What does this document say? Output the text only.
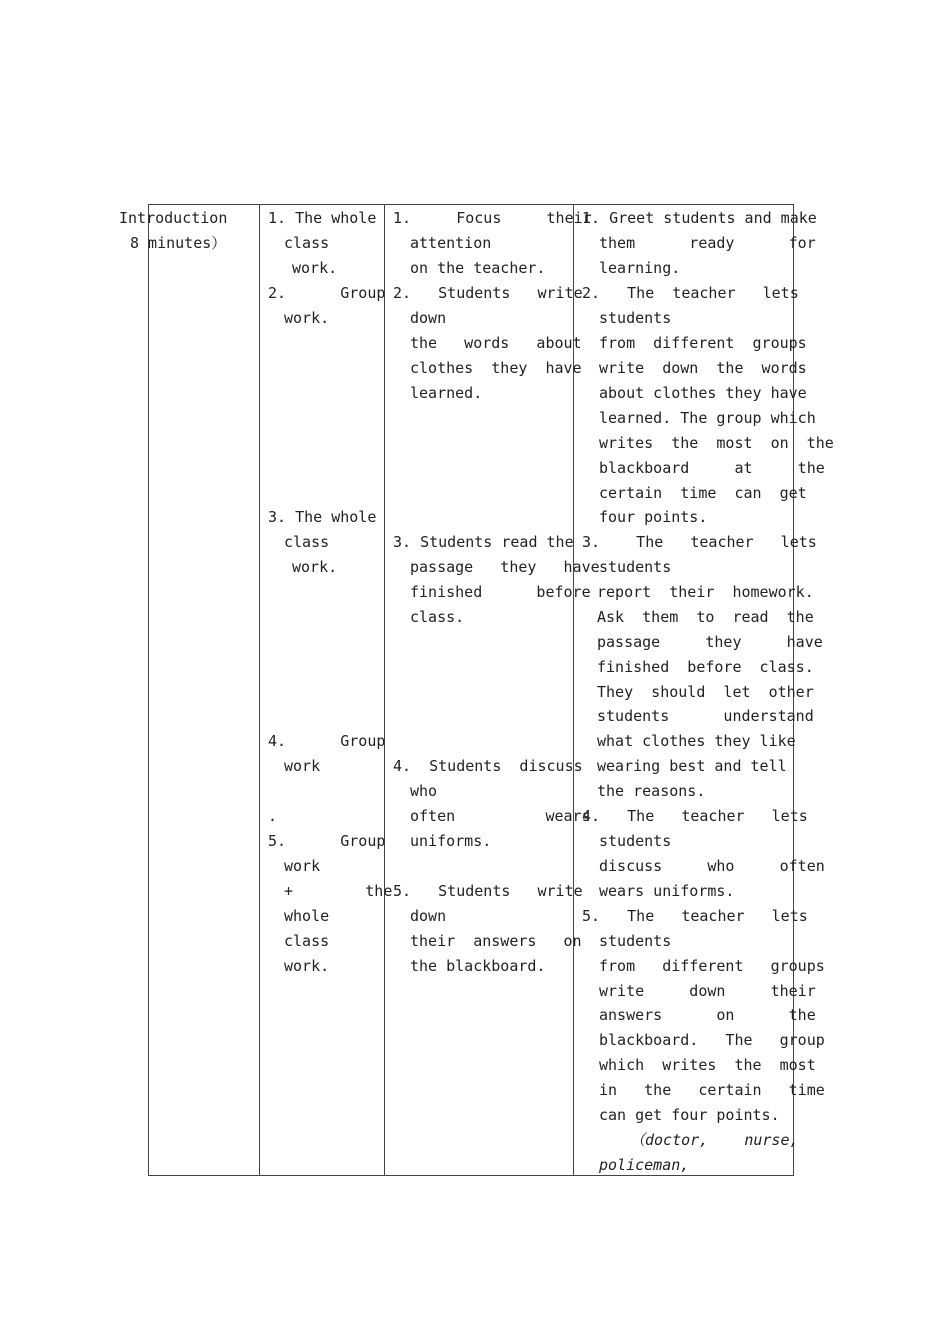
Introduction
8 minutes）
1. The whole
class
work.
2.      Group
work.
3. The whole
class
work.
4.      Group
work
.
5.      Group
work
+        the
whole
class
work.
1.     Focus     their
attention
on the teacher.
2.   Students   write
down
the   words   about
clothes  they  have
learned.
3. Students read the
passage   they   have
finished      before
class.
4.  Students  discuss
who
often          wears
uniforms.
5.   Students   write
down
their  answers   on
the blackboard.
1. Greet students and make
them      ready      for
learning.
2.   The  teacher   lets
students
from  different  groups
write  down  the  words
about clothes they have
learned. The group which
writes  the  most  on  the
blackboard     at     the
certain  time  can  get
four points.
3.    The   teacher   lets
students
report  their  homework.
Ask  them  to  read  the
passage     they     have
finished  before  class.
They  should  let  other
students      understand
what clothes they like
wearing best and tell
the reasons.
4.   The   teacher   lets
students
discuss     who     often
wears uniforms.
5.   The   teacher   lets
students
from   different   groups
write     down     their
answers      on      the
blackboard.   The   group
which  writes  the  most
in   the   certain   time
can get four points.
（doctor,    nurse,
policeman,
